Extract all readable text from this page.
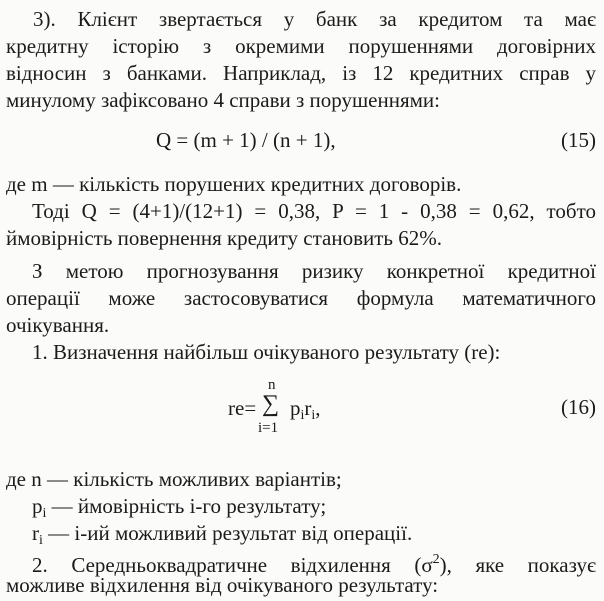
3). Клієнт звертається у банк за кредитом та має
кредитну історію з окремими порушеннями договірних
відносин з банками. Наприклад, із 12 кредитних справ у
минулому зафіксовано 4 справи з порушеннями:
Q = (m + 1) / (n + 1),	(15)
де m — кількість порушених кредитних договорів.
Тоді Q = (4+1)/(12+1) = 0,38, P = 1 - 0,38 = 0,62, тобто
ймовірність повернення кредиту становить 62%.
З метою прогнозування ризику конкретної кредитної
операції може застосовуватися формула математичного
очікування.
1. Визначення найбільш очікуваного результату (re):
re=
n
∑
i=1
$p_ir_i$,	(16)
де n — кількість можливих варіантів;
$p_i$ — ймовірність i-го результату;
$r_i$ — i-ий можливий результат від операції.
2. Середньоквадратичне відхилення $(\sigma^2)$, яке показує
можливе відхилення від очікуваного результату:
